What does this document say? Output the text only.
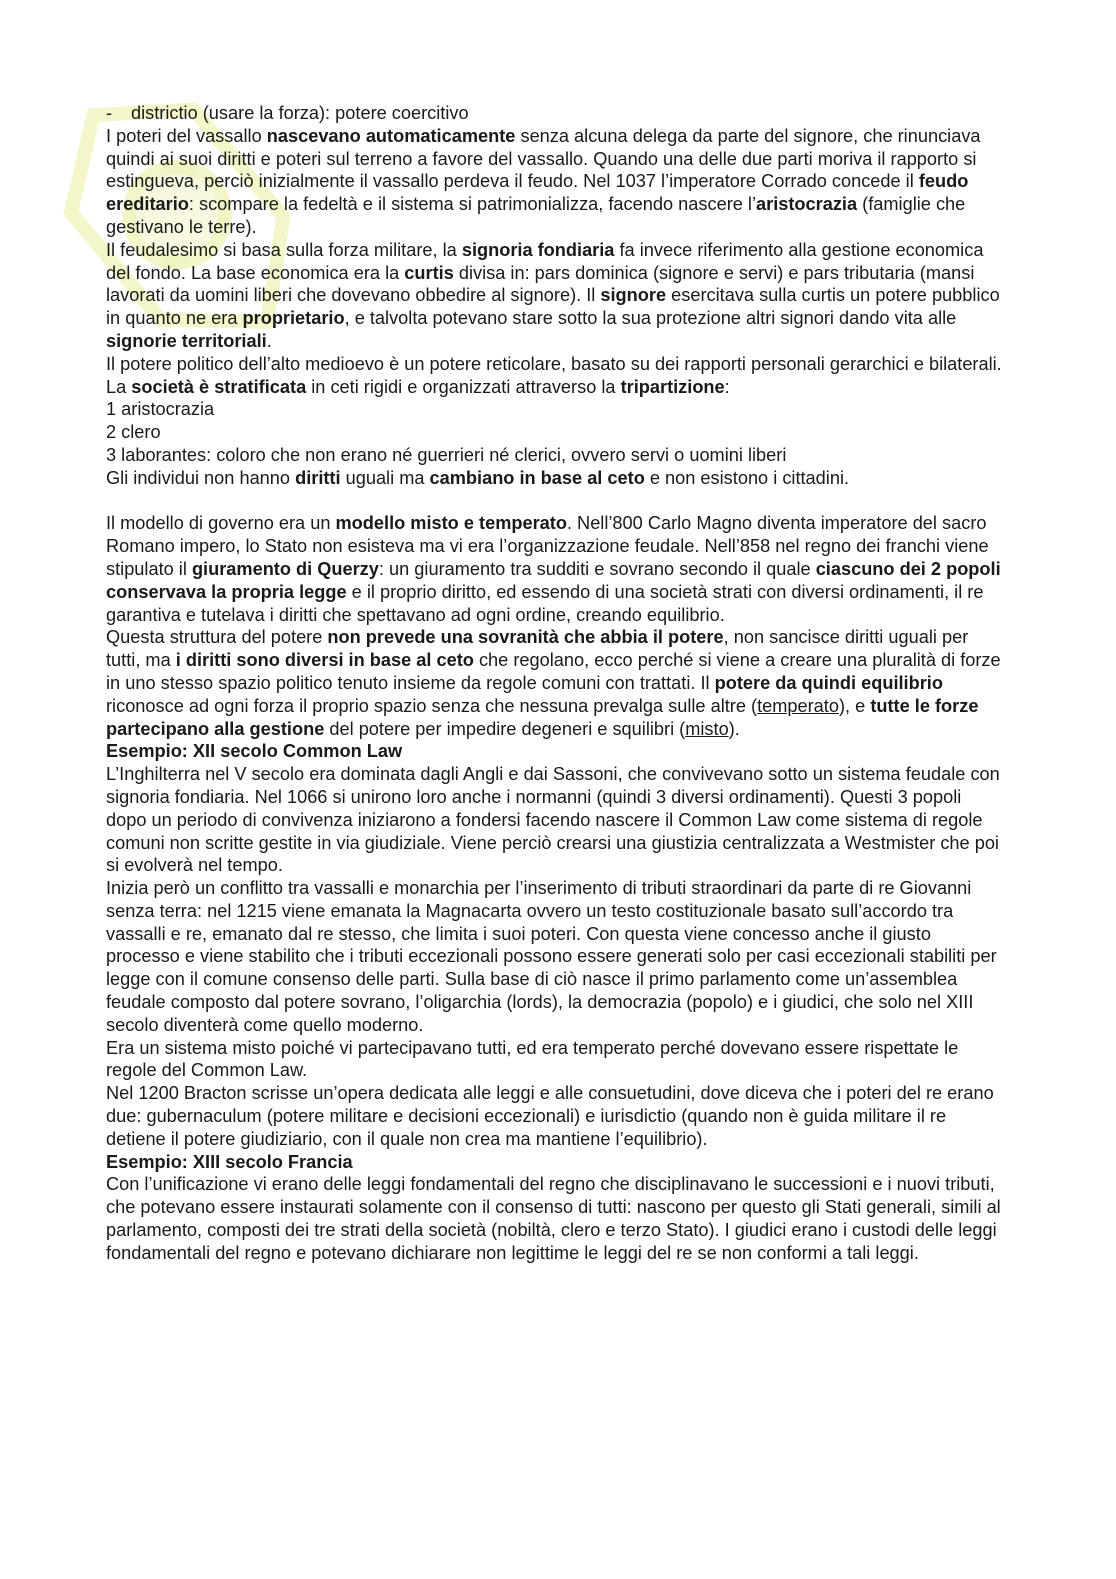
-	districtio (usare la forza): potere coercitivo

I poteri del vassallo nascevano automaticamente senza alcuna delega da parte del signore, che rinunciava quindi ai suoi diritti e poteri sul terreno a favore del vassallo. Quando una delle due parti moriva il rapporto si estingueva, perciò inizialmente il vassallo perdeva il feudo. Nel 1037 l’imperatore Corrado concede il feudo ereditario: scompare la fedeltà e il sistema si patrimonializza, facendo nascere l’aristocrazia (famiglie che gestivano le terre).

Il feudalesimo si basa sulla forza militare, la signoria fondiaria fa invece riferimento alla gestione economica del fondo. La base economica era la curtis divisa in: pars dominica (signore e servi) e pars tributaria (mansi lavorati da uomini liberi che dovevano obbedire al signore). Il signore esercitava sulla curtis un potere pubblico in quanto ne era proprietario, e talvolta potevano stare sotto la sua protezione altri signori dando vita alle signorie territoriali.

Il potere politico dell’alto medioevo è un potere reticolare, basato su dei rapporti personali gerarchici e bilaterali. La società è stratificata in ceti rigidi e organizzati attraverso la tripartizione:

1 aristocrazia

2 clero

3 laborantes: coloro che non erano né guerrieri né clerici, ovvero servi o uomini liberi

Gli individui non hanno diritti uguali ma cambiano in base al ceto e non esistono i cittadini.

Il modello di governo era un modello misto e temperato. Nell’800 Carlo Magno diventa imperatore del sacro Romano impero, lo Stato non esisteva ma vi era l’organizzazione feudale. Nell’858 nel regno dei franchi viene stipulato il giuramento di Querzy: un giuramento tra sudditi e sovrano secondo il quale ciascuno dei 2 popoli conservava la propria legge e il proprio diritto, ed essendo di una società strati con diversi ordinamenti, il re garantiva e tutelava i diritti che spettavano ad ogni ordine, creando equilibrio.

Questa struttura del potere non prevede una sovranità che abbia il potere, non sancisce diritti uguali per tutti, ma i diritti sono diversi in base al ceto che regolano, ecco perché si viene a creare una pluralità di forze in uno stesso spazio politico tenuto insieme da regole comuni con trattati. Il potere da quindi equilibrio riconosce ad ogni forza il proprio spazio senza che nessuna prevalga sulle altre (temperato), e tutte le forze partecipano alla gestione del potere per impedire degeneri e squilibri (misto).

Esempio: XII secolo Common Law

L’Inghilterra nel V secolo era dominata dagli Angli e dai Sassoni, che convivevano sotto un sistema feudale con signoria fondiaria. Nel 1066 si unirono loro anche i normanni (quindi 3 diversi ordinamenti). Questi 3 popoli dopo un periodo di convivenza iniziarono a fondersi facendo nascere il Common Law come sistema di regole comuni non scritte gestite in via giudiziale. Viene perciò crearsi una giustizia centralizzata a Westmister che poi si evolverà nel tempo.

Inizia però un conflitto tra vassalli e monarchia per l’inserimento di tributi straordinari da parte di re Giovanni senza terra: nel 1215 viene emanata la Magnacarta ovvero un testo costituzionale basato sull’accordo tra vassalli e re, emanato dal re stesso, che limita i suoi poteri. Con questa viene concesso anche il giusto processo e viene stabilito che i tributi eccezionali possono essere generati solo per casi eccezionali stabiliti per legge con il comune consenso delle parti. Sulla base di ciò nasce il primo parlamento come un’assemblea feudale composto dal potere sovrano, l’oligarchia (lords), la democrazia (popolo) e i giudici, che solo nel XIII secolo diventerà come quello moderno.

Era un sistema misto poiché vi partecipavano tutti, ed era temperato perché dovevano essere rispettate le regole del Common Law.

Nel 1200 Bracton scrisse un’opera dedicata alle leggi e alle consuetudini, dove diceva che i poteri del re erano due: gubernaculum (potere militare e decisioni eccezionali) e iurisdictio (quando non è guida militare il re detiene il potere giudiziario, con il quale non crea ma mantiene l’equilibrio).

Esempio: XIII secolo Francia

Con l’unificazione vi erano delle leggi fondamentali del regno che disciplinavano le successioni e i nuovi tributi, che potevano essere instaurati solamente con il consenso di tutti: nascono per questo gli Stati generali, simili al parlamento, composti dei tre strati della società (nobiltà, clero e terzo Stato). I giudici erano i custodi delle leggi fondamentali del regno e potevano dichiarare non legittime le leggi del re se non conformi a tali leggi.
